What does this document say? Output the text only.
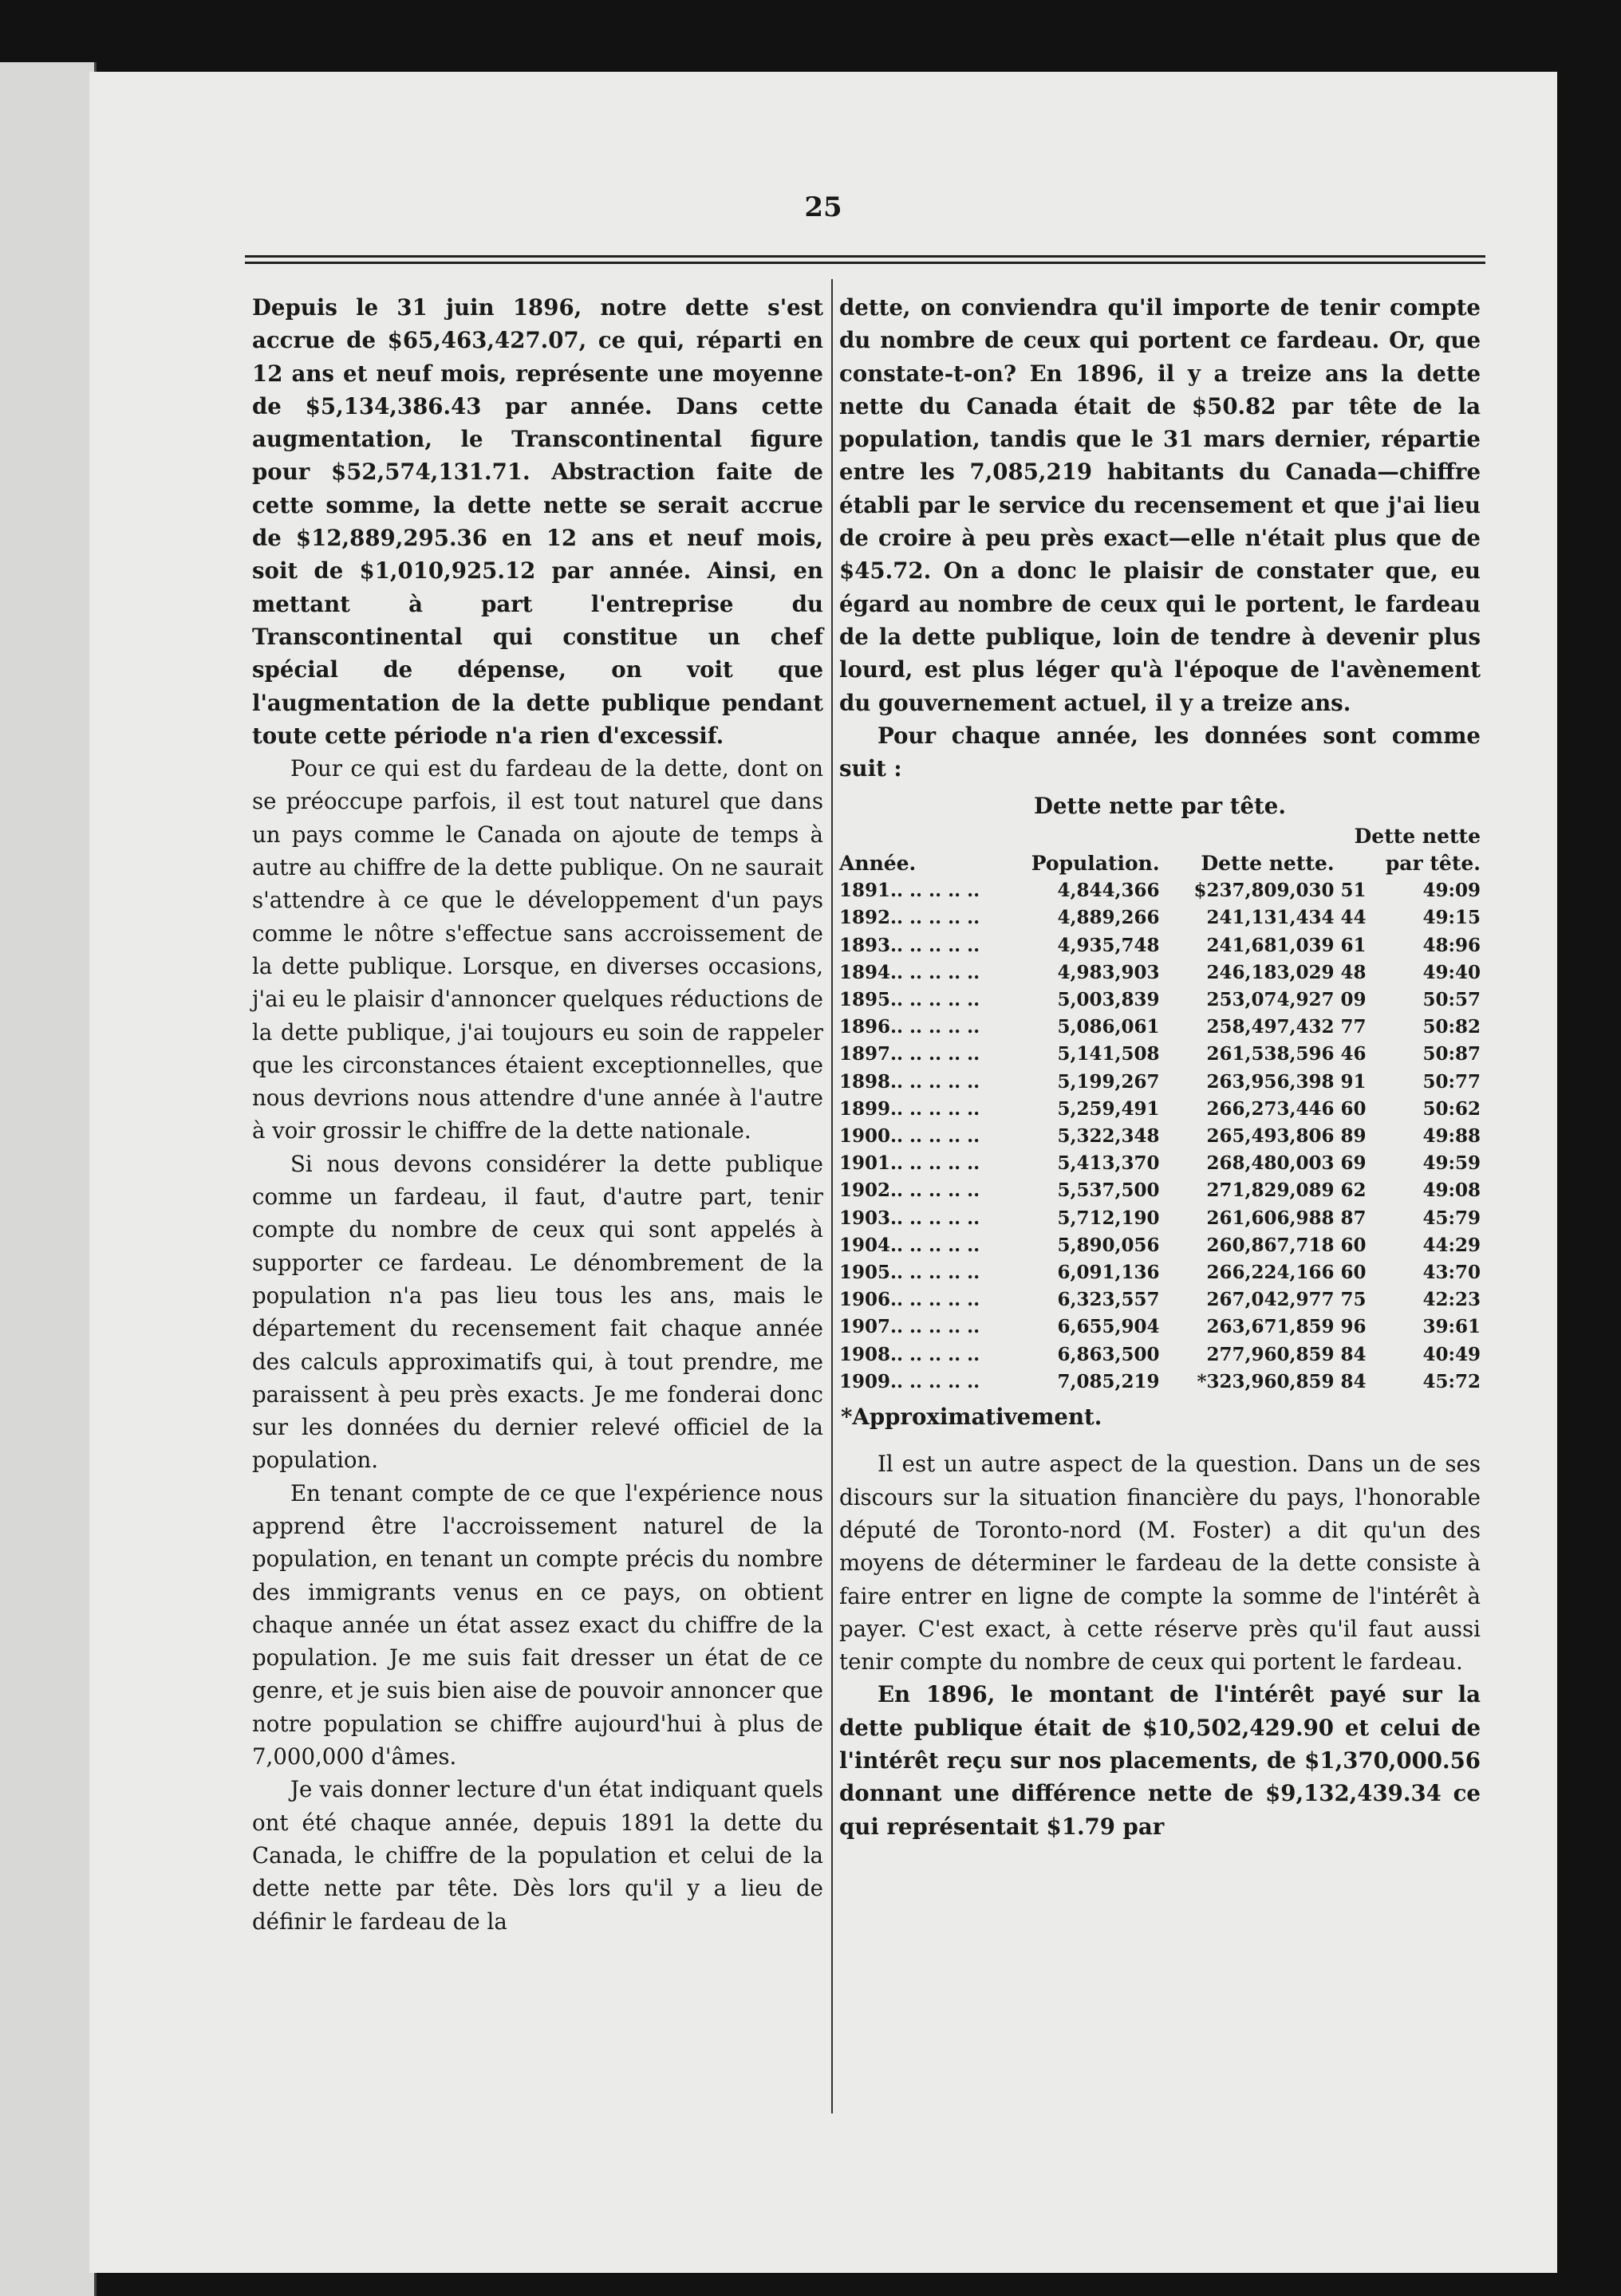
25

Depuis le 31 juin 1896, notre dette s'est accrue de $65,463,427.07, ce qui, réparti en 12 ans et neuf mois, représente une moyenne de $5,134,386.43 par année. Dans cette augmentation, le Transcontinental figure pour $52,574,131.71. Abstraction faite de cette somme, la dette nette se serait accrue de $12,889,295.36 en 12 ans et neuf mois, soit de $1,010,925.12 par année. Ainsi, en mettant à part l'entreprise du Transcontinental qui constitue un chef spécial de dépense, on voit que l'augmentation de la dette publique pendant toute cette période n'a rien d'excessif.

Pour ce qui est du fardeau de la dette, dont on se préoccupe parfois, il est tout naturel que dans un pays comme le Canada on ajoute de temps à autre au chiffre de la dette publique. On ne saurait s'attendre à ce que le développement d'un pays comme le nôtre s'effectue sans accroissement de la dette publique. Lorsque, en diverses occasions, j'ai eu le plaisir d'annoncer quelques réductions de la dette publique, j'ai toujours eu soin de rappeler que les circonstances étaient exceptionnelles, que nous devrions nous attendre d'une année à l'autre à voir grossir le chiffre de la dette nationale.

Si nous devons considérer la dette publique comme un fardeau, il faut, d'autre part, tenir compte du nombre de ceux qui sont appelés à supporter ce fardeau. Le dénombrement de la population n'a pas lieu tous les ans, mais le département du recensement fait chaque année des calculs approximatifs qui, à tout prendre, me paraissent à peu près exacts. Je me fonderai donc sur les données du dernier relevé officiel de la population.

En tenant compte de ce que l'expérience nous apprend être l'accroissement naturel de la population, en tenant un compte précis du nombre des immigrants venus en ce pays, on obtient chaque année un état assez exact du chiffre de la population. Je me suis fait dresser un état de ce genre, et je suis bien aise de pouvoir annoncer que notre population se chiffre aujourd'hui à plus de 7,000,000 d'âmes.

Je vais donner lecture d'un état indiquant quels ont été chaque année, depuis 1891 la dette du Canada, le chiffre de la population et celui de la dette nette par tête. Dès lors qu'il y a lieu de définir le fardeau de la

dette, on conviendra qu'il importe de tenir compte du nombre de ceux qui portent ce fardeau. Or, que constate-t-on? En 1896, il y a treize ans la dette nette du Canada était de $50.82 par tête de la population, tandis que le 31 mars dernier, répartie entre les 7,085,219 habitants du Canada—chiffre établi par le service du recensement et que j'ai lieu de croire à peu près exact—elle n'était plus que de $45.72. On a donc le plaisir de constater que, eu égard au nombre de ceux qui le portent, le fardeau de la dette publique, loin de tendre à devenir plus lourd, est plus léger qu'à l'époque de l'avènement du gouvernement actuel, il y a treize ans.

Pour chaque année, les données sont comme suit :

Dette nette par tête.
			Dette nette	
Année.	Population.	Dette nette.		par tête.
1891.. .. .. .. ..	4,844,366	$237,809,030	51	49:09
1892.. .. .. .. ..	4,889,266	241,131,434	44	49:15
1893.. .. .. .. ..	4,935,748	241,681,039	61	48:96
1894.. .. .. .. ..	4,983,903	246,183,029	48	49:40
1895.. .. .. .. ..	5,003,839	253,074,927	09	50:57
1896.. .. .. .. ..	5,086,061	258,497,432	77	50:82
1897.. .. .. .. ..	5,141,508	261,538,596	46	50:87
1898.. .. .. .. ..	5,199,267	263,956,398	91	50:77
1899.. .. .. .. ..	5,259,491	266,273,446	60	50:62
1900.. .. .. .. ..	5,322,348	265,493,806	89	49:88
1901.. .. .. .. ..	5,413,370	268,480,003	69	49:59
1902.. .. .. .. ..	5,537,500	271,829,089	62	49:08
1903.. .. .. .. ..	5,712,190	261,606,988	87	45:79
1904.. .. .. .. ..	5,890,056	260,867,718	60	44:29
1905.. .. .. .. ..	6,091,136	266,224,166	60	43:70
1906.. .. .. .. ..	6,323,557	267,042,977	75	42:23
1907.. .. .. .. ..	6,655,904	263,671,859	96	39:61
1908.. .. .. .. ..	6,863,500	277,960,859	84	40:49
1909.. .. .. .. ..	7,085,219	*323,960,859	84	45:72
*Approximativement.

Il est un autre aspect de la question. Dans un de ses discours sur la situation financière du pays, l'honorable député de Toronto-nord (M. Foster) a dit qu'un des moyens de déterminer le fardeau de la dette consiste à faire entrer en ligne de compte la somme de l'intérêt à payer. C'est exact, à cette réserve près qu'il faut aussi tenir compte du nombre de ceux qui portent le fardeau.

En 1896, le montant de l'intérêt payé sur la dette publique était de $10,502,429.90 et celui de l'intérêt reçu sur nos placements, de $1,370,000.56 donnant une différence nette de $9,132,439.34 ce qui représentait $1.79 par
